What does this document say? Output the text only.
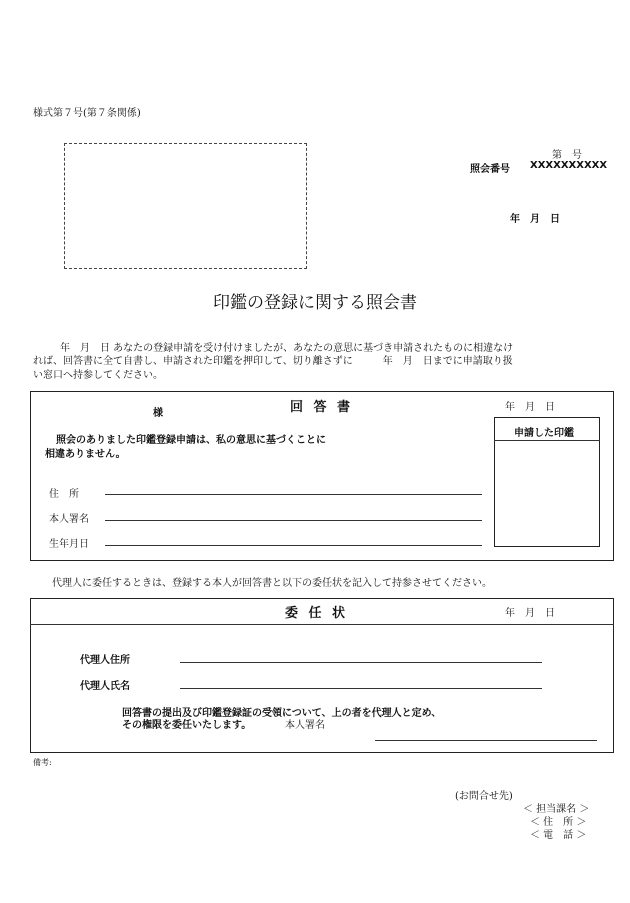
様式第７号(第７条関係)
第　号
照会番号 XXXXXXXXXX
年　月　日
印鑑の登録に関する照会書
年　月　日 あなたの登録申請を受け付けましたが、あなたの意思に基づき申請されたものに相違なけ
れば、回答書に全て自書し、申請された印鑑を押印して、切り離さずに　　　年　月　日までに申請取り扱
い窓口へ持参してください。
様	回 答 書	年　月　日
申請した印鑑
照会のありました印鑑登録申請は、私の意思に基づくことに
相違ありません。
住　所
本人署名
生年月日
代理人に委任するときは、登録する本人が回答書と以下の委任状を記入して持参させてください。
委 任 状	年　月　日
代理人住所
代理人氏名
回答書の提出及び印鑑登録証の受領について、上の者を代理人と定め、
その権限を委任いたします。	本人署名
備考:
(お問合せ先)
＜ 担当課名 ＞
＜ 住　所 ＞
＜ 電　話 ＞
